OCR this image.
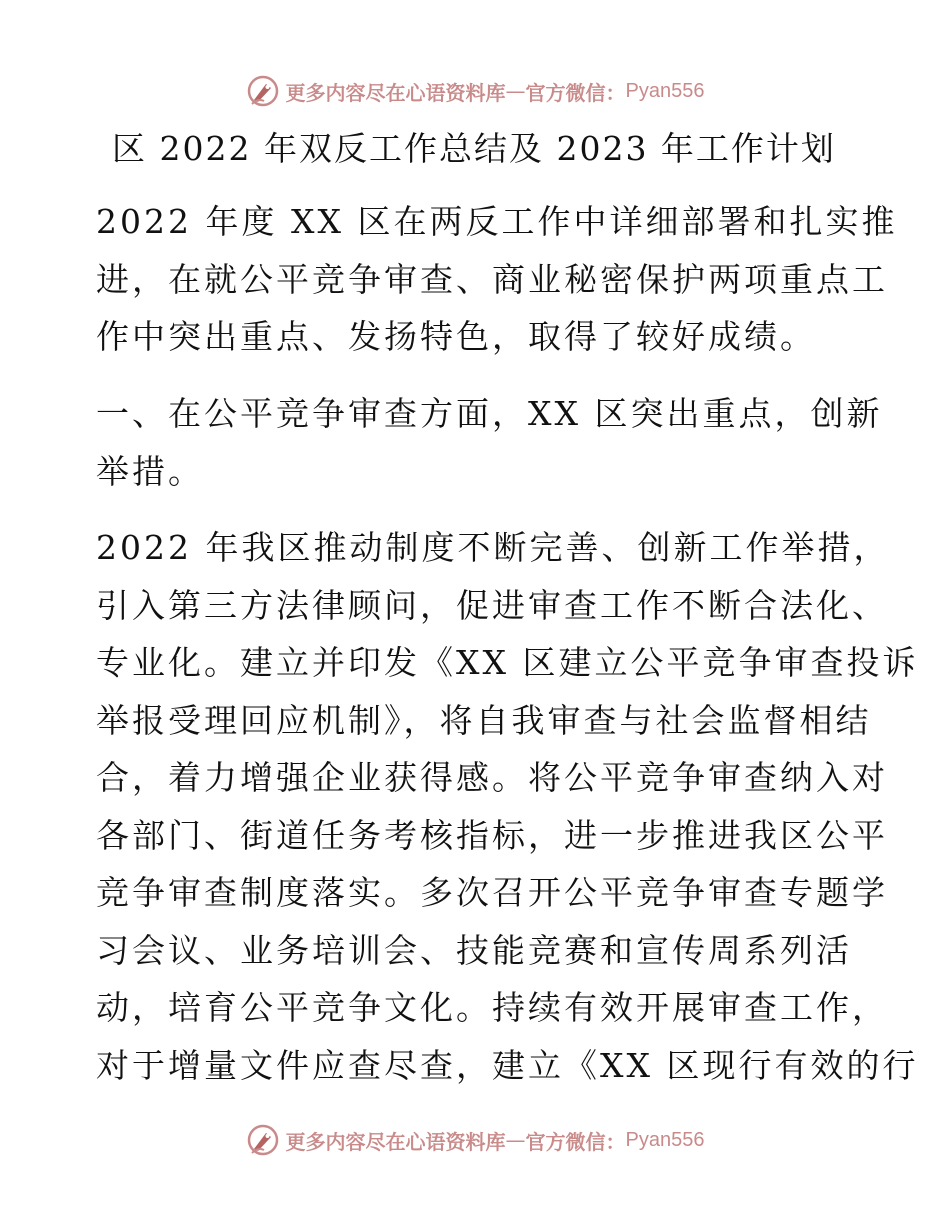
更多内容尽在心语资料库 — 官方微信： Pyan556
区 2022 年双反工作总结及 2023 年工作计划
2022 年度 XX 区在两反工作中详细部署和扎实推
进，在就公平竞争审查、商业秘密保护两项重点工
作中突出重点、发扬特色，取得了较好成绩。
一、在公平竞争审查方面，XX 区突出重点，创新
举措。
2022 年我区推动制度不断完善、创新工作举措，
引入第三方法律顾问，促进审查工作不断合法化、
专业化。建立并印发《XX 区建立公平竞争审查投诉
举报受理回应机制》，将自我审查与社会监督相结
合，着力增强企业获得感。将公平竞争审查纳入对
各部门、街道任务考核指标，进一步推进我区公平
竞争审查制度落实。多次召开公平竞争审查专题学
习会议、业务培训会、技能竞赛和宣传周系列活
动，培育公平竞争文化。持续有效开展审查工作，
对于增量文件应查尽查，建立《XX 区现行有效的行
更多内容尽在心语资料库 — 官方微信： Pyan556
